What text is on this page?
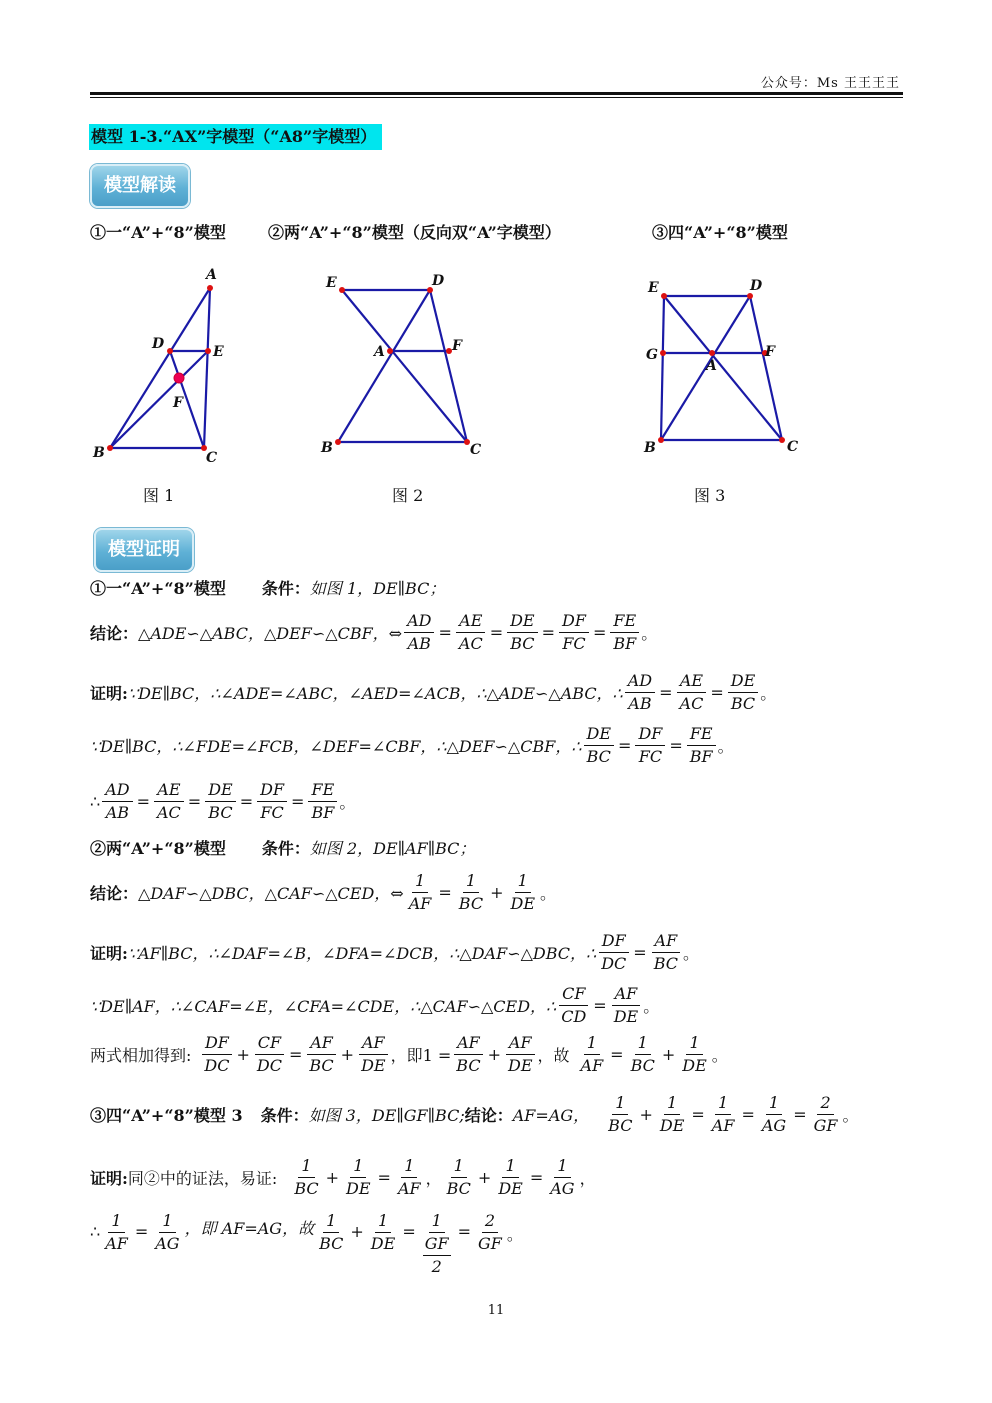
公众号：Ms 王王王王
模型 1-3.“AX”字模型（“A8”字模型）
模型解读
①一“A”+“8”模型	②两“A”+“8”模型（反向双“A”字模型）	③四“A”+“8”模型
A
D	E
F
B	C
图 1
E	D
A	F
B	C
图 2
E	D
G	F
A
B	C
图 3
模型证明
①一“A”+“8”模型 条件： 如图 1，DE∥BC；
结论： △ADE∽△ABC，△DEF∽△CBF，⇔ $\frac{AD}{AB} = \frac{AE}{AC} = \frac{DE}{BC} = \frac{DF}{FC} = \frac{FE}{BF}$ 。
证明: ∵DE∥BC，∴∠ADE=∠ABC，∠AED=∠ACB，∴△ADE∽△ABC，∴ $\frac{AD}{AB} = \frac{AE}{AC} = \frac{DE}{BC}$ 。
∵DE∥BC，∴∠FDE=∠FCB，∠DEF=∠CBF，∴△DEF∽△CBF，∴ $\frac{DE}{BC} = \frac{DF}{FC} = \frac{FE}{BF}$ 。
∴ $\frac{AD}{AB} = \frac{AE}{AC} = \frac{DE}{BC} = \frac{DF}{FC} = \frac{FE}{BF}$ 。
②两“A”+“8”模型 条件： 如图 2，DE∥AF∥BC；
结论： △DAF∽△DBC，△CAF∽△CED，⇔ $\frac{1}{AF} = \frac{1}{BC} + \frac{1}{DE}$ 。
证明: ∵AF∥BC，∴∠DAF=∠B，∠DFA=∠DCB，∴△DAF∽△DBC，∴ $\frac{DF}{DC} = \frac{AF}{BC}$ 。
∵DE∥AF，∴∠CAF=∠E，∠CFA=∠CDE，∴△CAF∽△CED，∴ $\frac{CF}{CD} = \frac{AF}{DE}$ 。
两式相加得到: $\frac{DF}{DC} + \frac{CF}{DC} = \frac{AF}{BC} + \frac{AF}{DE}$ ，即$1 = \frac{AF}{BC} + \frac{AF}{DE}$ ，故 $\frac{1}{AF} = \frac{1}{BC} + \frac{1}{DE}$ 。
③四“A”+“8”模型 3 条件： 如图 3，DE∥GF∥BC; 结论： AF=AG， $\frac{1}{BC} + \frac{1}{DE} = \frac{1}{AF} = \frac{1}{AG} = \frac{2}{GF}$ 。
证明: 同②中的证法，易证: $\frac{1}{BC} + \frac{1}{DE} = \frac{1}{AF}$ ， $\frac{1}{BC} + \frac{1}{DE} = \frac{1}{AG}$ ，
∴ $\frac{1}{AF} = \frac{1}{AG}$ ，即 AF=AG，故 $\frac{1}{BC} + \frac{1}{DE} = 1$
GF
$2 = \frac{2}{GF}$ 。
11
